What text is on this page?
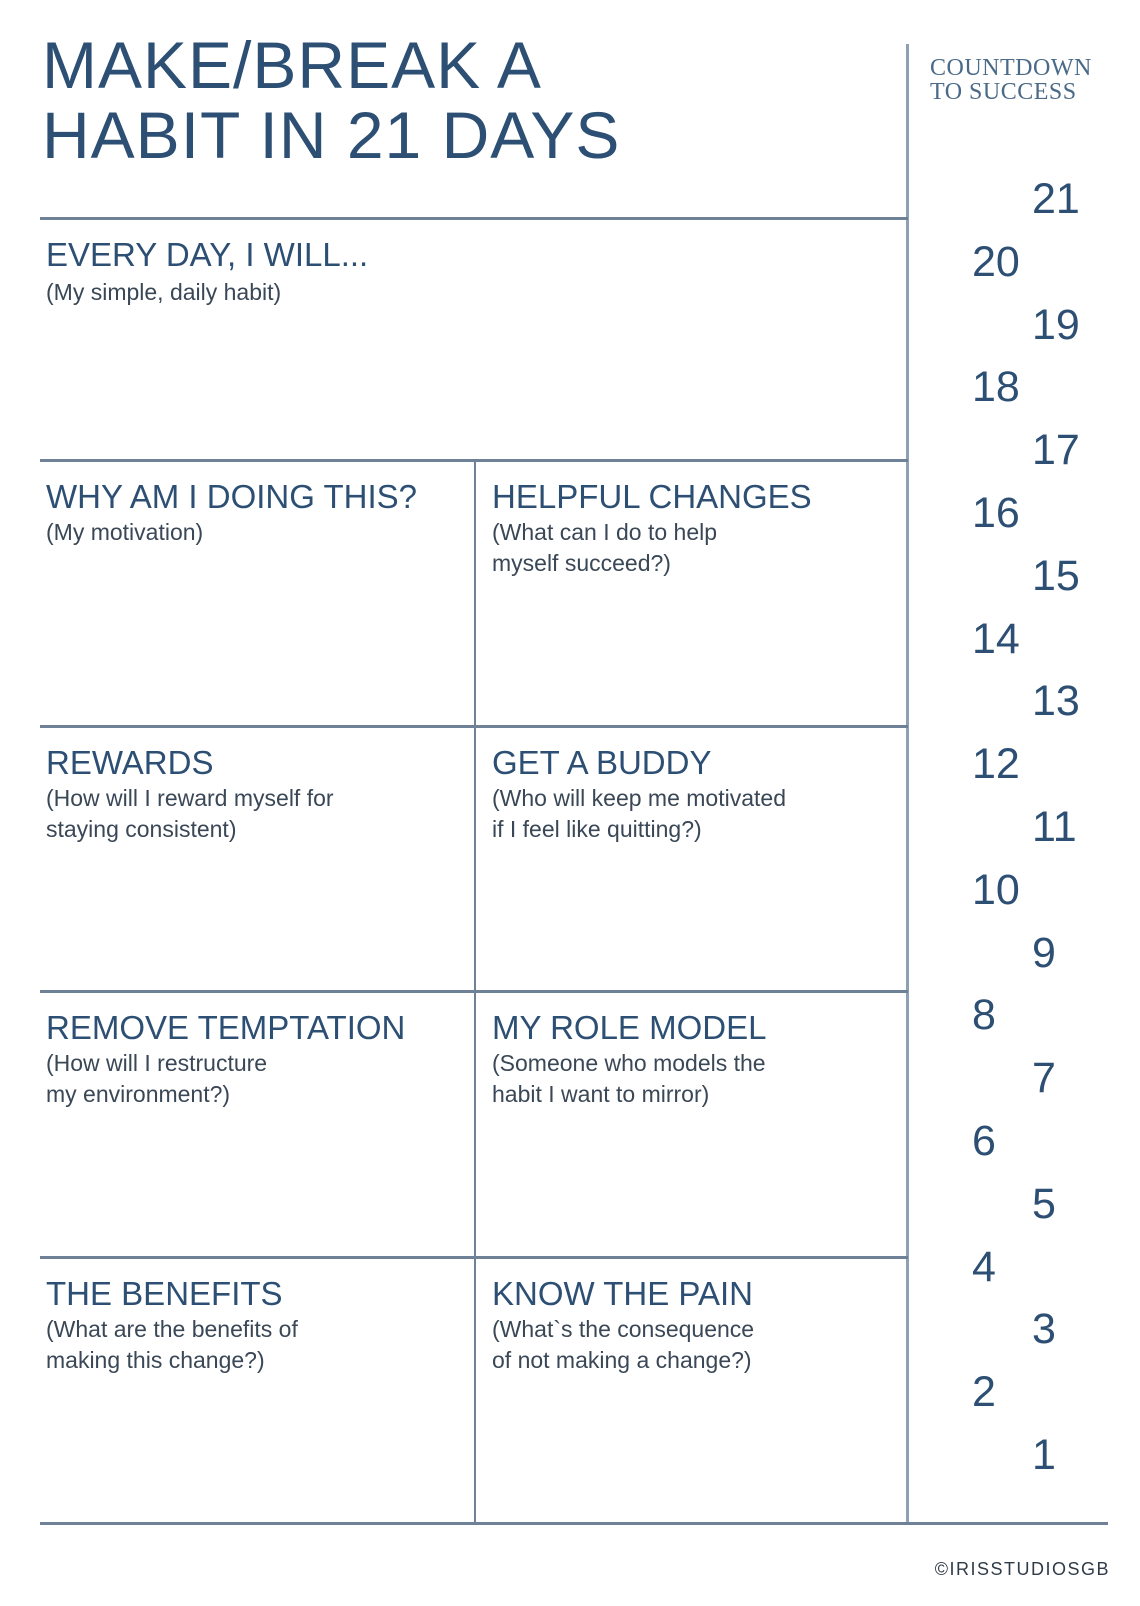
MAKE/BREAK A
HABIT IN 21 DAYS
EVERY DAY, I WILL...

(My simple, daily habit)

WHY AM I DOING THIS?

(My motivation)

HELPFUL CHANGES

(What can I do to help
myself succeed?)

REWARDS

(How will I reward myself for
staying consistent)

GET A BUDDY

(Who will keep me motivated
if I feel like quitting?)

REMOVE TEMPTATION

(How will I restructure
my environment?)

MY ROLE MODEL

(Someone who models the
habit I want to mirror)

THE BENEFITS

(What are the benefits of
making this change?)

KNOW THE PAIN

(What`s the consequence
of not making a change?)

COUNTDOWN
TO SUCCESS
21
20
19
18
17
16
15
14
13
12
11
10
9
8
7
6
5
4
3
2
1
©IRISSTUDIOSGB
